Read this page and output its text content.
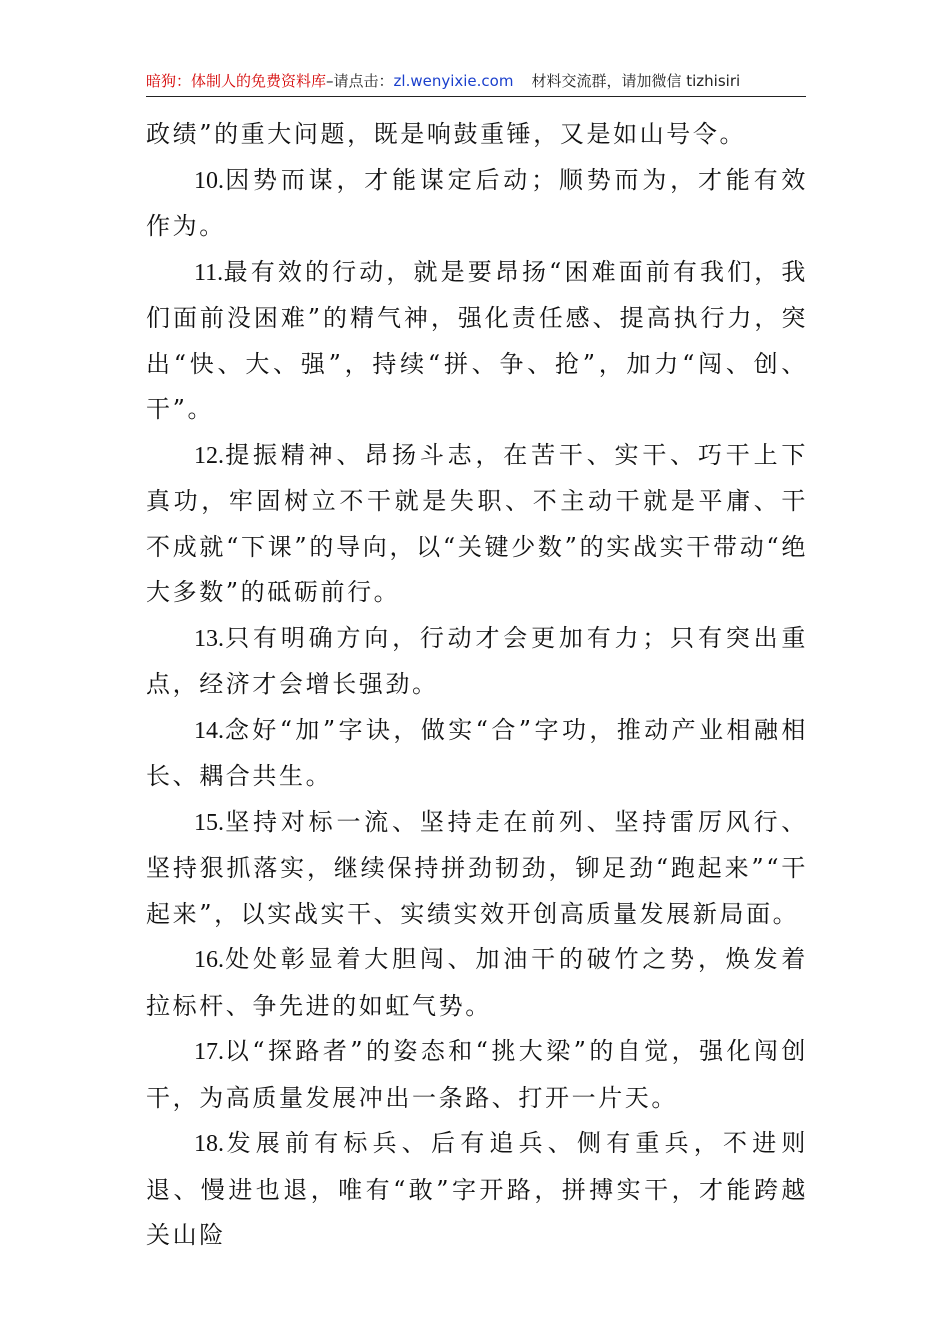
暗狗：体制人的免费资料库–请点击：zl.wenyixie.com 材料交流群，请加微信 tizhisiri

政绩”的重大问题，既是响鼓重锤，又是如山号令。

10.因势而谋，才能谋定后动；顺势而为，才能有效作为。

11.最有效的行动，就是要昂扬“困难面前有我们，我们面前没困难”的精气神，强化责任感、提高执行力，突出“快、大、强”，持续“拼、争、抢”，加力“闯、创、干”。

12.提振精神、昂扬斗志，在苦干、实干、巧干上下真功，牢固树立不干就是失职、不主动干就是平庸、干不成就“下课”的导向，以“关键少数”的实战实干带动“绝大多数”的砥砺前行。

13.只有明确方向，行动才会更加有力；只有突出重点，经济才会增长强劲。

14.念好“加”字诀，做实“合”字功，推动产业相融相长、耦合共生。

15.坚持对标一流、坚持走在前列、坚持雷厉风行、坚持狠抓落实，继续保持拼劲韧劲，铆足劲“跑起来”“干起来”，以实战实干、实绩实效开创高质量发展新局面。

16.处处彰显着大胆闯、加油干的破竹之势，焕发着拉标杆、争先进的如虹气势。

17.以“探路者”的姿态和“挑大梁”的自觉，强化闯创干，为高质量发展冲出一条路、打开一片天。

18.发展前有标兵、后有追兵、侧有重兵，不进则退、慢进也退，唯有“敢”字开路，拼搏实干，才能跨越关山险
